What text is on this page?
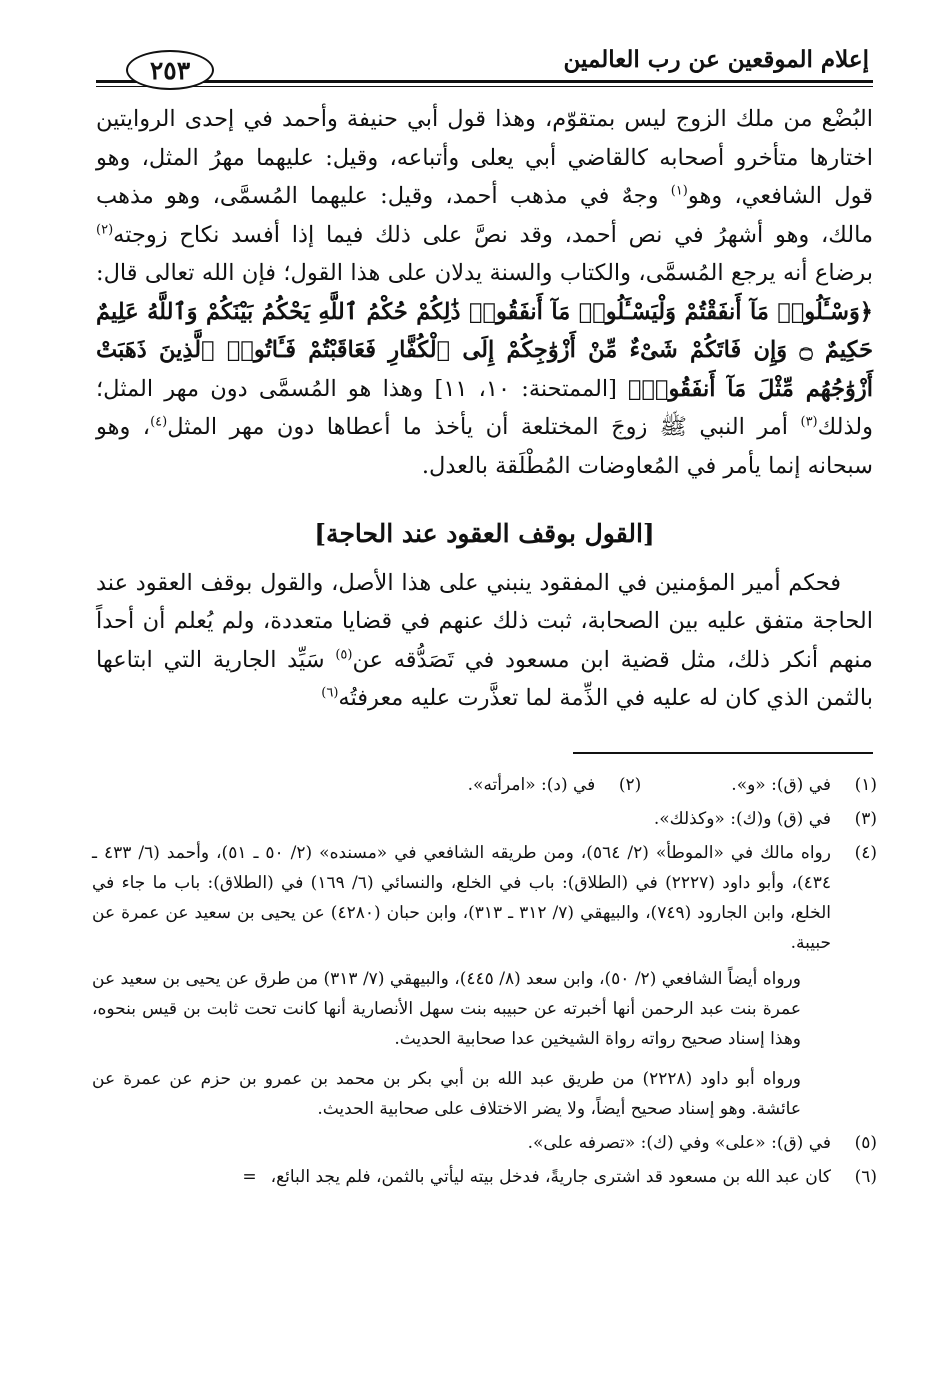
إعلام الموقعين عن رب العالمين
٢٥٣

البُضْع من ملك الزوج ليس بمتقوّم، وهذا قول أبي حنيفة وأحمد في إحدى الروايتين اختارها متأخرو أصحابه كالقاضي أبي يعلى وأتباعه، وقيل: عليهما مهرُ المثل، وهو قول الشافعي، وهو$^{(١)}$ وجهٌ في مذهب أحمد، وقيل: عليهما المُسمَّى، وهو مذهب مالك، وهو أشهرُ في نص أحمد، وقد نصَّ على ذلك فيما إذا أفسد نكاح زوجته$^{(٢)}$ برضاع أنه يرجع المُسمَّى، والكتاب والسنة يدلان على هذا القول؛ فإن الله تعالى قال: ﴿وَسْـَٔلُوا۟ مَآ أَنفَقْتُمْ وَلْيَسْـَٔلُوا۟ مَآ أَنفَقُوا۟ ذَٰلِكُمْ حُكْمُ ٱللَّهِ يَحْكُمُ بَيْنَكُمْ وَٱللَّهُ عَلِيمٌ حَكِيمٌ ۝ وَإِن فَاتَكُمْ شَىْءٌ مِّنْ أَزْوَٰجِكُمْ إِلَى ٱلْكُفَّارِ فَعَاقَبْتُمْ فَـَٔاتُوا۟ ٱلَّذِينَ ذَهَبَتْ أَزْوَٰجُهُم مِّثْلَ مَآ أَنفَقُوا۟﴾ [الممتحنة: ١٠، ١١] وهذا هو المُسمَّى دون مهر المثل؛ ولذلك$^{(٣)}$ أمر النبي ﷺ زوجَ المختلعة أن يأخذ ما أعطاها دون مهر المثل$^{(٤)}$، وهو سبحانه إنما يأمر في المُعاوضات المُطْلَقة بالعدل.

[القول بوقف العقود عند الحاجة]

فحكم أمير المؤمنين في المفقود ينبني على هذا الأصل، والقول بوقف العقود عند الحاجة متفق عليه بين الصحابة، ثبت ذلك عنهم في قضايا متعددة، ولم يُعلم أن أحداً منهم أنكر ذلك، مثل قضية ابن مسعود في تَصَدُّقه عن$^{(٥)}$ سَيِّد الجارية التي ابتاعها بالثمن الذي كان له عليه في الذِّمة لما تعذَّرت عليه معرفتُه$^{(٦)}$

(١)
في (ق): «و».
(٢)
في (د): «امرأته».
(٣)
في (ق) و(ك): «وكذلك».
(٤)
رواه مالك في «الموطأ» (٢/ ٥٦٤)، ومن طريقه الشافعي في «مسنده» (٢/ ٥٠ ـ ٥١)، وأحمد (٦/ ٤٣٣ ـ ٤٣٤)، وأبو داود (٢٢٢٧) في (الطلاق): باب في الخلع، والنسائي (٦/ ١٦٩) في (الطلاق): باب ما جاء في الخلع، وابن الجارود (٧٤٩)، والبيهقي (٧/ ٣١٢ ـ ٣١٣)، وابن حبان (٤٢٨٠) عن يحيى بن سعيد عن عمرة عن حبيبة.
ورواه أيضاً الشافعي (٢/ ٥٠)، وابن سعد (٨/ ٤٤٥)، والبيهقي (٧/ ٣١٣) من طرق عن يحيى بن سعيد عن عمرة بنت عبد الرحمن أنها أخبرته عن حبيبه بنت سهل الأنصارية أنها كانت تحت ثابت بن قيس بنحوه، وهذا إسناد صحيح رواته رواة الشيخين عدا صحابية الحديث.
ورواه أبو داود (٢٢٢٨) من طريق عبد الله بن أبي بكر بن محمد بن عمرو بن حزم عن عمرة عن عائشة. وهو إسناد صحيح أيضاً، ولا يضر الاختلاف على صحابية الحديث.
(٥)
في (ق): «على» وفي (ك): «تصرفه على».
(٦)
كان عبد الله بن مسعود قد اشترى جاريةً، فدخل بيته ليأتي بالثمن، فلم يجد البائع،=
